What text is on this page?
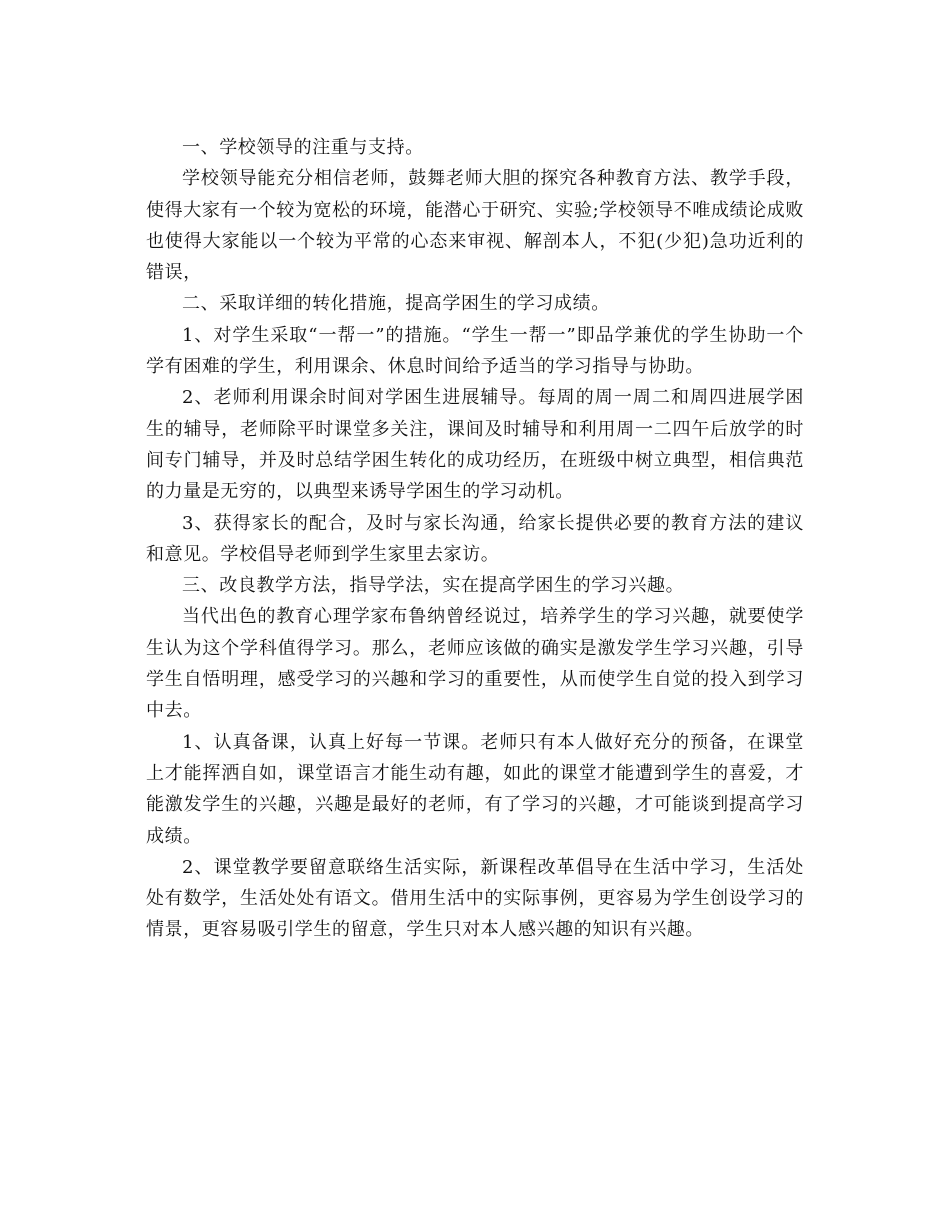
一、学校领导的注重与支持。

学校领导能充分相信老师，鼓舞老师大胆的探究各种教育方法、教学手段，使得大家有一个较为宽松的环境，能潜心于研究、实验;学校领导不唯成绩论成败也使得大家能以一个较为平常的心态来审视、解剖本人，不犯(少犯)急功近利的错误，

二、采取详细的转化措施，提高学困生的学习成绩。

1、对学生采取“一帮一”的措施。“学生一帮一”即品学兼优的学生协助一个学有困难的学生，利用课余、休息时间给予适当的学习指导与协助。

2、老师利用课余时间对学困生进展辅导。每周的周一周二和周四进展学困生的辅导，老师除平时课堂多关注，课间及时辅导和利用周一二四午后放学的时间专门辅导，并及时总结学困生转化的成功经历，在班级中树立典型，相信典范的力量是无穷的，以典型来诱导学困生的学习动机。

3、获得家长的配合，及时与家长沟通，给家长提供必要的教育方法的建议和意见。学校倡导老师到学生家里去家访。

三、改良教学方法，指导学法，实在提高学困生的学习兴趣。

当代出色的教育心理学家布鲁纳曾经说过，培养学生的学习兴趣，就要使学生认为这个学科值得学习。那么，老师应该做的确实是激发学生学习兴趣，引导学生自悟明理，感受学习的兴趣和学习的重要性，从而使学生自觉的投入到学习中去。

1、认真备课，认真上好每一节课。老师只有本人做好充分的预备，在课堂上才能挥洒自如，课堂语言才能生动有趣，如此的课堂才能遭到学生的喜爱，才能激发学生的兴趣，兴趣是最好的老师，有了学习的兴趣，才可能谈到提高学习成绩。

2、课堂教学要留意联络生活实际，新课程改革倡导在生活中学习，生活处处有数学，生活处处有语文。借用生活中的实际事例，更容易为学生创设学习的情景，更容易吸引学生的留意，学生只对本人感兴趣的知识有兴趣。
